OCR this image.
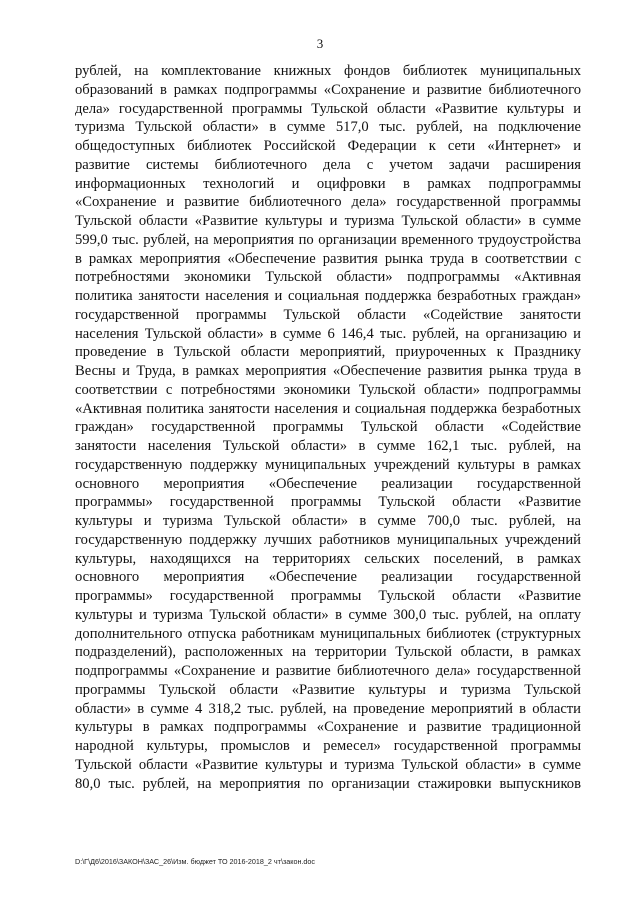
3
рублей, на комплектование книжных фондов библиотек муниципальных
образований в рамках подпрограммы «Сохранение и развитие библиотечного
дела» государственной программы Тульской области «Развитие культуры и
туризма Тульской области» в сумме 517,0 тыс. рублей, на подключение
общедоступных библиотек Российской Федерации к сети «Интернет» и
развитие системы библиотечного дела с учетом задачи расширения
информационных технологий и оцифровки в рамках подпрограммы
«Сохранение и развитие библиотечного дела» государственной программы
Тульской области «Развитие культуры и туризма Тульской области» в сумме
599,0 тыс. рублей, на мероприятия по организации временного трудоустройства
в рамках мероприятия «Обеспечение развития рынка труда в соответствии с
потребностями экономики Тульской области» подпрограммы «Активная
политика занятости населения и социальная поддержка безработных граждан»
государственной программы Тульской области «Содействие занятости
населения Тульской области» в сумме 6 146,4 тыс. рублей, на организацию и
проведение в Тульской области мероприятий, приуроченных к Празднику
Весны и Труда, в рамках мероприятия «Обеспечение развития рынка труда в
соответствии с потребностями экономики Тульской области» подпрограммы
«Активная политика занятости населения и социальная поддержка безработных
граждан» государственной программы Тульской области «Содействие
занятости населения Тульской области» в сумме 162,1 тыс. рублей, на
государственную поддержку муниципальных учреждений культуры в рамках
основного мероприятия «Обеспечение реализации государственной
программы» государственной программы Тульской области «Развитие
культуры и туризма Тульской области» в сумме 700,0 тыс. рублей, на
государственную поддержку лучших работников муниципальных учреждений
культуры, находящихся на территориях сельских поселений, в рамках
основного мероприятия «Обеспечение реализации государственной
программы» государственной программы Тульской области «Развитие
культуры и туризма Тульской области» в сумме 300,0 тыс. рублей, на оплату
дополнительного отпуска работникам муниципальных библиотек (структурных
подразделений), расположенных на территории Тульской области, в рамках
подпрограммы «Сохранение и развитие библиотечного дела» государственной
программы Тульской области «Развитие культуры и туризма Тульской
области» в сумме 4 318,2 тыс. рублей, на проведение мероприятий в области
культуры в рамках подпрограммы «Сохранение и развитие традиционной
народной культуры, промыслов и ремесел» государственной программы
Тульской области «Развитие культуры и туризма Тульской области» в сумме
80,0 тыс. рублей, на мероприятия по организации стажировки выпускников
D:\Г\Д6\2016\ЗАКОН\ЗАС_26\Изм. бюджет ТО 2016-2018_2 чт\закон.doc
